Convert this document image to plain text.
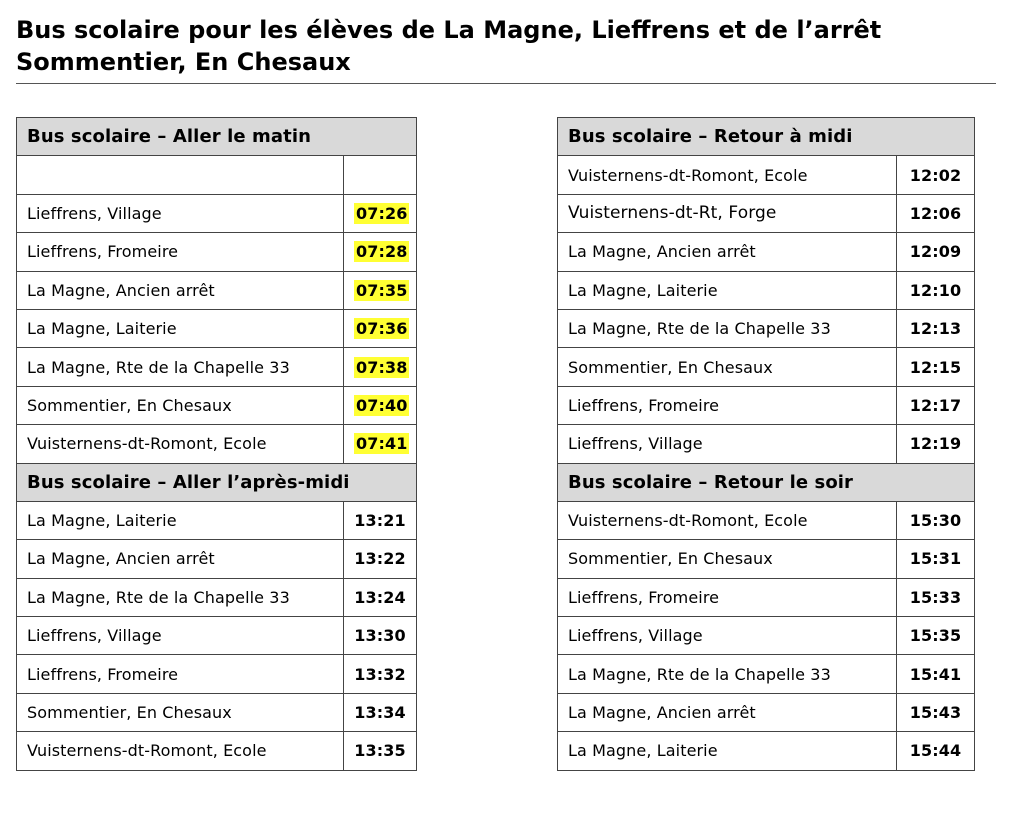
Bus scolaire pour les élèves de La Magne, Lieffrens et de l’arrêt Sommentier, En Chesaux
Bus scolaire – Aller le matin	

Lieffrens, Village	07:26
Lieffrens, Fromeire	07:28
La Magne, Ancien arrêt	07:35
La Magne, Laiterie	07:36
La Magne, Rte de la Chapelle 33	07:38
Sommentier, En Chesaux	07:40
Vuisternens-dt-Romont, Ecole	07:41
Bus scolaire – Aller l’après-midi	
La Magne, Laiterie	13:21
La Magne, Ancien arrêt	13:22
La Magne, Rte de la Chapelle 33	13:24
Lieffrens, Village	13:30
Lieffrens, Fromeire	13:32
Sommentier, En Chesaux	13:34
Vuisternens-dt-Romont, Ecole	13:35
Bus scolaire – Retour à midi	
Vuisternens-dt-Romont, Ecole	12:02
Vuisternens-dt-Rt, Forge	12:06
La Magne, Ancien arrêt	12:09
La Magne, Laiterie	12:10
La Magne, Rte de la Chapelle 33	12:13
Sommentier, En Chesaux	12:15
Lieffrens, Fromeire	12:17
Lieffrens, Village	12:19
Bus scolaire – Retour le soir	
Vuisternens-dt-Romont, Ecole	15:30
Sommentier, En Chesaux	15:31
Lieffrens, Fromeire	15:33
Lieffrens, Village	15:35
La Magne, Rte de la Chapelle 33	15:41
La Magne, Ancien arrêt	15:43
La Magne, Laiterie	15:44
